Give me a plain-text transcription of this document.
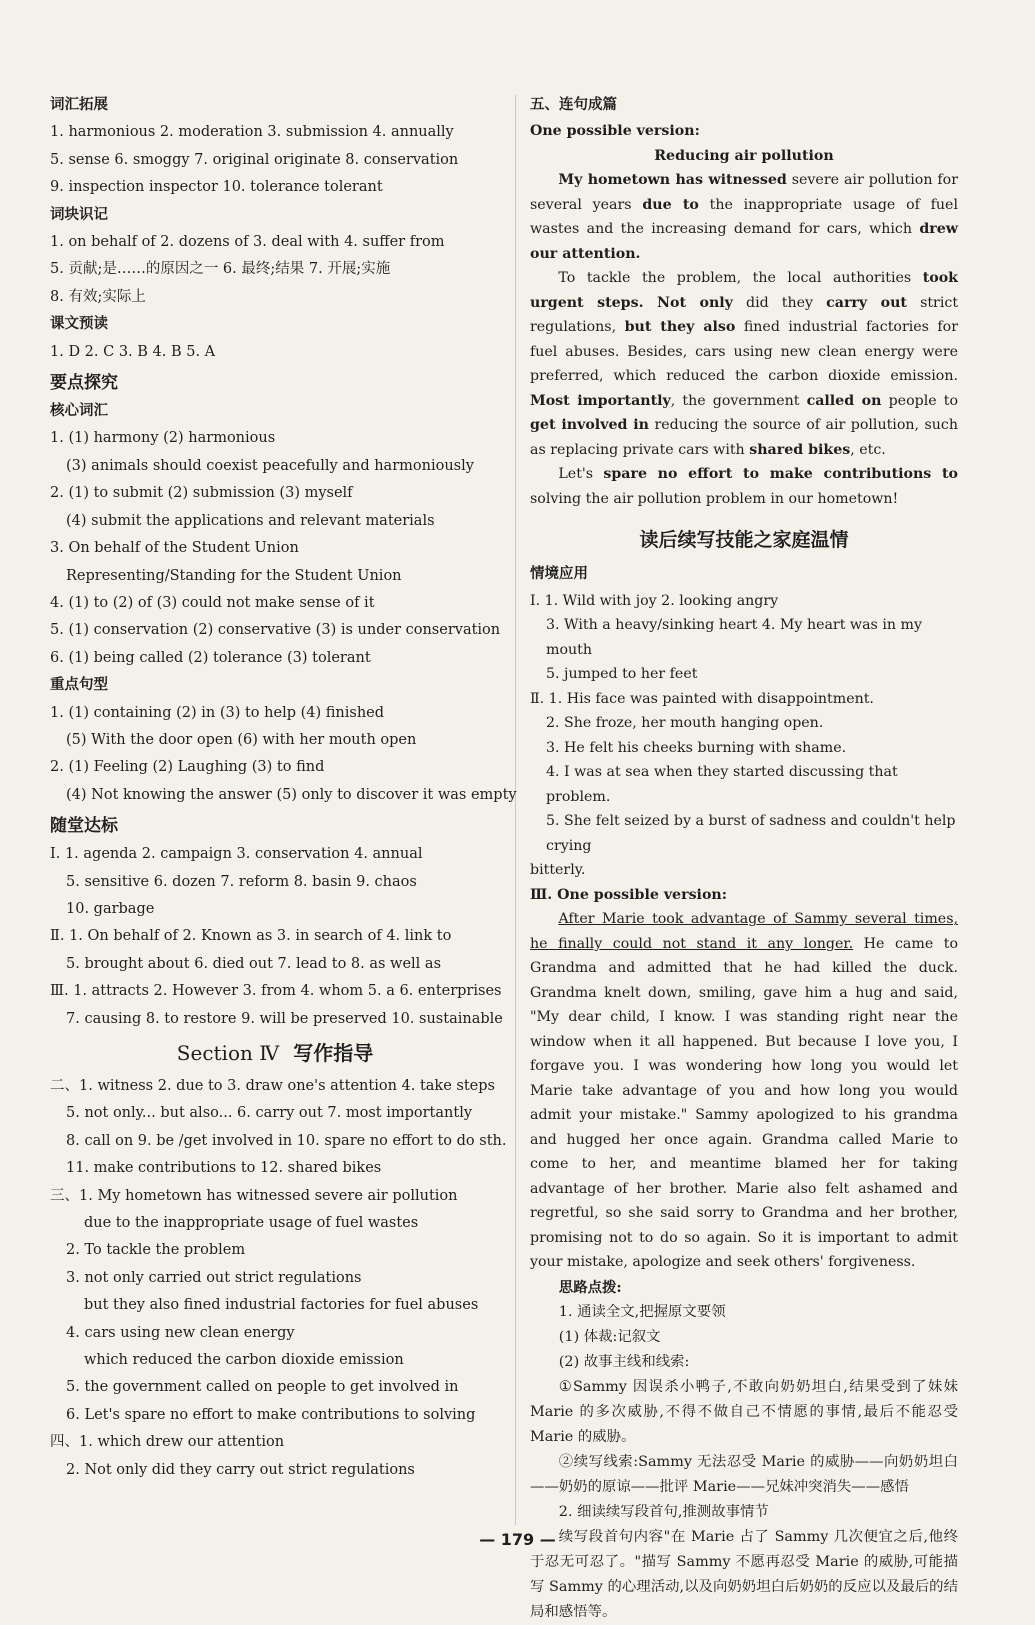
词汇拓展
1. harmonious 2. moderation 3. submission 4. annually
5. sense 6. smoggy 7. original originate 8. conservation
9. inspection inspector 10. tolerance tolerant
词块识记
1. on behalf of 2. dozens of 3. deal with 4. suffer from
5. 贡献;是……的原因之一 6. 最终;结果 7. 开展;实施
8. 有效;实际上
课文预读
1. D 2. C 3. B 4. B 5. A
要点探究
核心词汇
1. (1) harmony (2) harmonious
(3) animals should coexist peacefully and harmoniously
2. (1) to submit (2) submission (3) myself
(4) submit the applications and relevant materials
3. On behalf of the Student Union
Representing/Standing for the Student Union
4. (1) to (2) of (3) could not make sense of it
5. (1) conservation (2) conservative (3) is under conservation
6. (1) being called (2) tolerance (3) tolerant
重点句型
1. (1) containing (2) in (3) to help (4) finished
(5) With the door open (6) with her mouth open
2. (1) Feeling (2) Laughing (3) to find
(4) Not knowing the answer (5) only to discover it was empty
随堂达标
Ⅰ. 1. agenda 2. campaign 3. conservation 4. annual
5. sensitive 6. dozen 7. reform 8. basin 9. chaos
10. garbage
Ⅱ. 1. On behalf of 2. Known as 3. in search of 4. link to
5. brought about 6. died out 7. lead to 8. as well as
Ⅲ. 1. attracts 2. However 3. from 4. whom 5. a 6. enterprises
7. causing 8. to restore 9. will be preserved 10. sustainable
Section Ⅳ 写作指导
二、1. witness 2. due to 3. draw one's attention 4. take steps
5. not only... but also... 6. carry out 7. most importantly
8. call on 9. be /get involved in 10. spare no effort to do sth.
11. make contributions to 12. shared bikes
三、1. My hometown has witnessed severe air pollution
due to the inappropriate usage of fuel wastes
2. To tackle the problem
3. not only carried out strict regulations
but they also fined industrial factories for fuel abuses
4. cars using new clean energy
which reduced the carbon dioxide emission
5. the government called on people to get involved in
6. Let's spare no effort to make contributions to solving
四、1. which drew our attention
2. Not only did they carry out strict regulations
五、连句成篇
One possible version:
Reducing air pollution
My hometown has witnessed severe air pollution for several years due to the inappropriate usage of fuel wastes and the increasing demand for cars, which drew our attention.
To tackle the problem, the local authorities took urgent steps. Not only did they carry out strict regulations, but they also fined industrial factories for fuel abuses. Besides, cars using new clean energy were preferred, which reduced the carbon dioxide emission. Most importantly, the government called on people to get involved in reducing the source of air pollution, such as replacing private cars with shared bikes, etc.
Let's spare no effort to make contributions to solving the air pollution problem in our hometown!
读后续写技能之家庭温情
情境应用
Ⅰ. 1. Wild with joy 2. looking angry
3. With a heavy/sinking heart 4. My heart was in my mouth
5. jumped to her feet
Ⅱ. 1. His face was painted with disappointment.
2. She froze, her mouth hanging open.
3. He felt his cheeks burning with shame.
4. I was at sea when they started discussing that problem.
5. She felt seized by a burst of sadness and couldn't help crying
bitterly.
Ⅲ. One possible version:
After Marie took advantage of Sammy several times, he finally could not stand it any longer. He came to Grandma and admitted that he had killed the duck. Grandma knelt down, smiling, gave him a hug and said, "My dear child, I know. I was standing right near the window when it all happened. But because I love you, I forgave you. I was wondering how long you would let Marie take advantage of you and how long you would admit your mistake." Sammy apologized to his grandma and hugged her once again. Grandma called Marie to come to her, and meantime blamed her for taking advantage of her brother. Marie also felt ashamed and regretful, so she said sorry to Grandma and her brother, promising not to do so again. So it is important to admit your mistake, apologize and seek others' forgiveness.
思路点拨:
1. 通读全文,把握原文要领
(1) 体裁:记叙文
(2) 故事主线和线索:
①Sammy 因误杀小鸭子,不敢向奶奶坦白,结果受到了妹妹 Marie 的多次威胁,不得不做自己不情愿的事情,最后不能忍受 Marie 的威胁。
②续写线索:Sammy 无法忍受 Marie 的威胁——向奶奶坦白——奶奶的原谅——批评 Marie——兄妹冲突消失——感悟
2. 细读续写段首句,推测故事情节
续写段首句内容"在 Marie 占了 Sammy 几次便宜之后,他终于忍无可忍了。"描写 Sammy 不愿再忍受 Marie 的威胁,可能描写 Sammy 的心理活动,以及向奶奶坦白后奶奶的反应以及最后的结局和感悟等。
— 179 —
